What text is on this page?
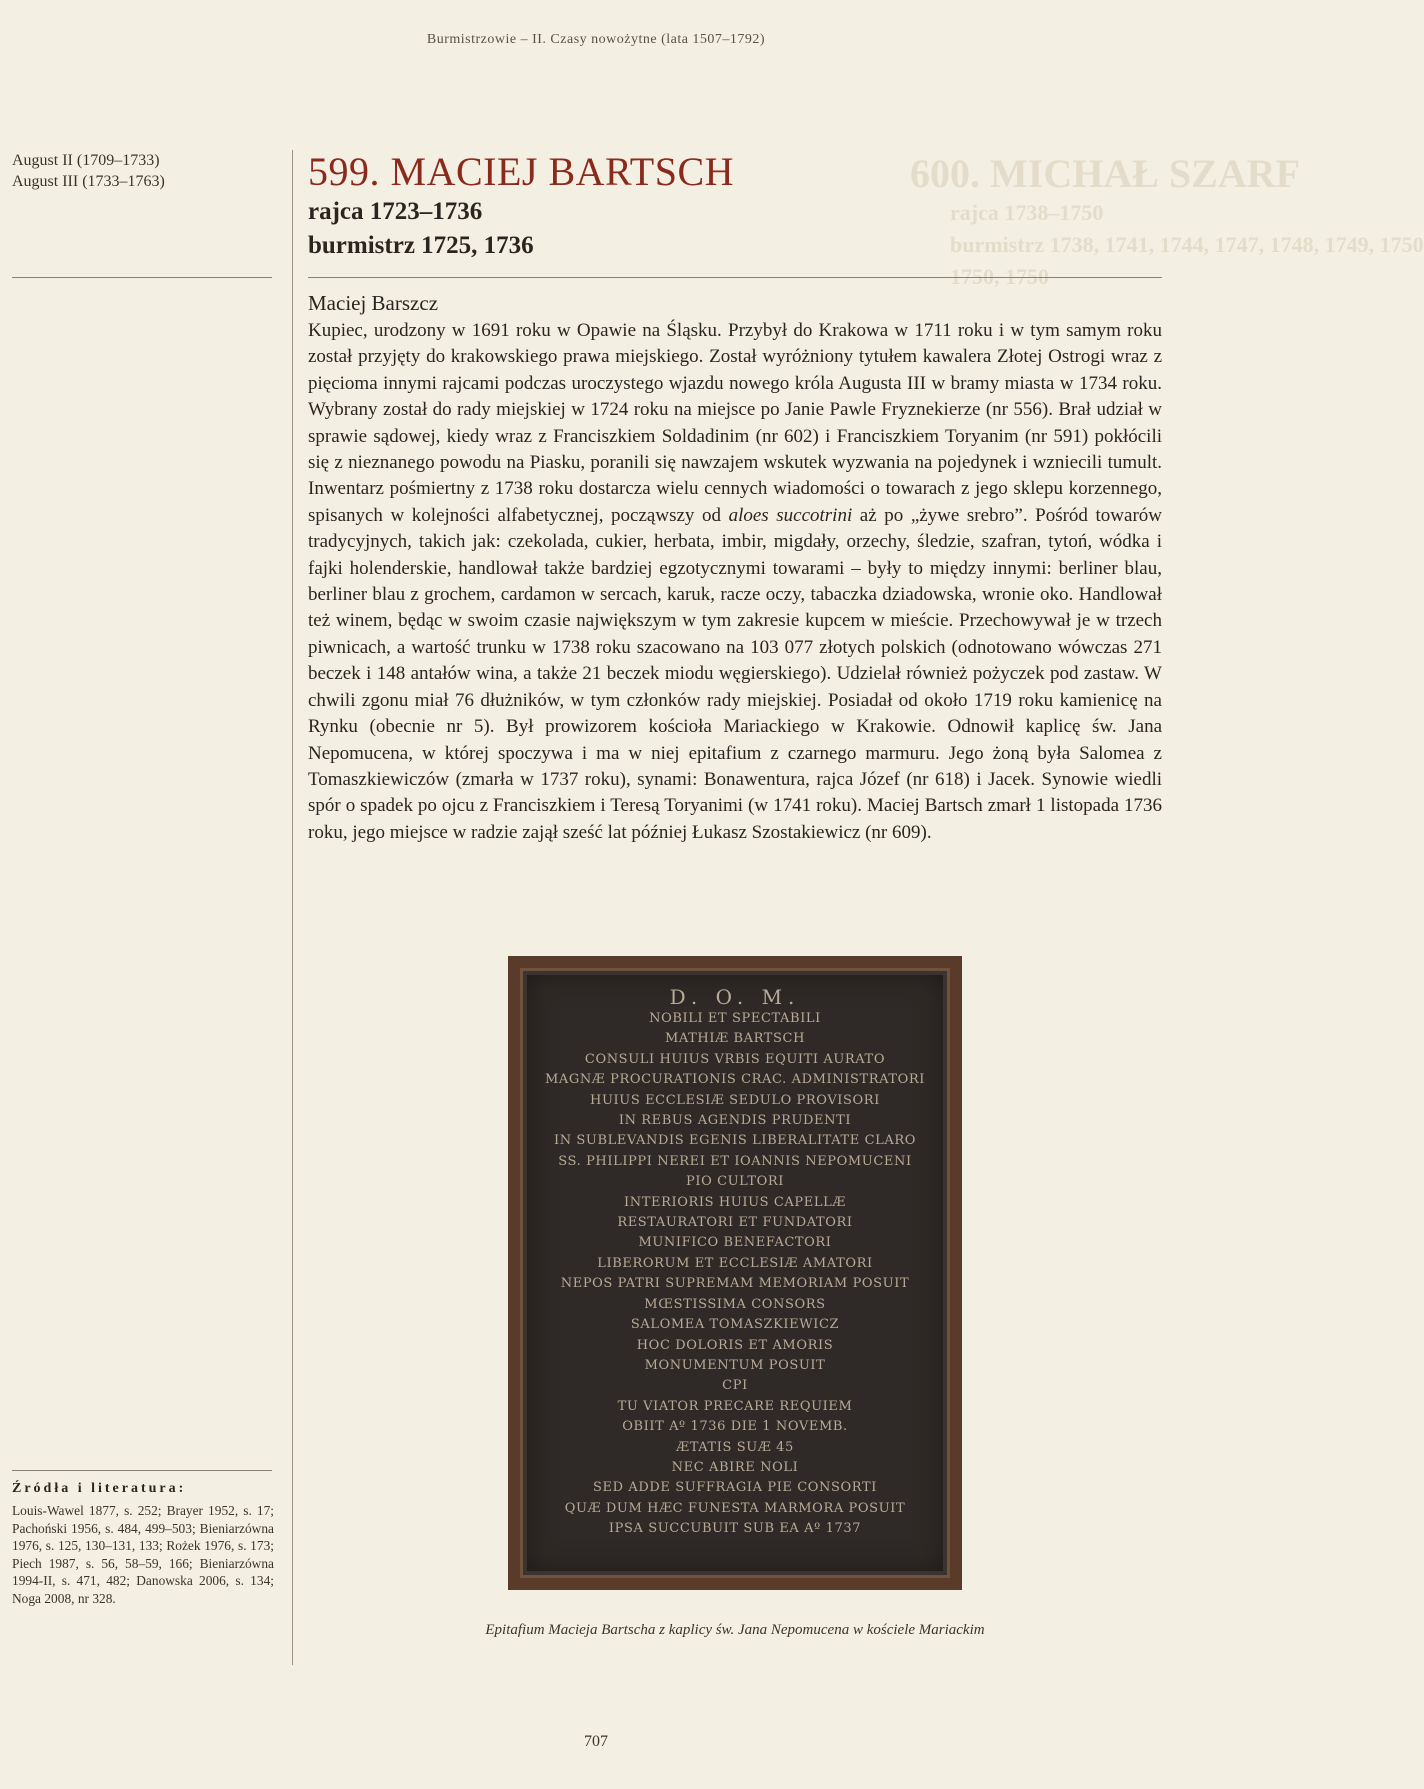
Burmistrzowie – II. Czasy nowożytne (lata 1507–1792)
600. MICHAŁ SZARF
rajca 1738–1750
burmistrz 1738, 1741, 1744, 1747, 1748, 1749, 1750
1750, 1750
August II (1709–1733)
August III (1733–1763)	599. MACIEJ BARTSCH
rajca 1723–1736
burmistrz 1725, 1736
Maciej Barszcz

Kupiec, urodzony w 1691 roku w Opawie na Śląsku. Przybył do Krakowa w 1711 roku i w tym samym roku został przyjęty do krakowskiego prawa miejskiego. Został wyróżniony tytułem kawalera Złotej Ostrogi wraz z pięcioma innymi rajcami podczas uroczystego wjazdu nowego króla Augusta III w bramy miasta w 1734 roku. Wybrany został do rady miejskiej w 1724 roku na miejsce po Janie Pawle Fryznekierze (nr 556). Brał udział w sprawie sądowej, kiedy wraz z Franciszkiem Soldadinim (nr 602) i Franciszkiem Toryanim (nr 591) pokłócili się z nieznanego powodu na Piasku, poranili się nawzajem wskutek wyzwania na pojedynek i wzniecili tumult. Inwentarz pośmiertny z 1738 roku dostarcza wielu cennych wiadomości o towarach z jego sklepu korzennego, spisanych w kolejności alfabetycznej, począwszy od aloes succotrini aż po „żywe srebro”. Pośród towarów tradycyjnych, takich jak: czekolada, cukier, herbata, imbir, migdały, orzechy, śledzie, szafran, tytoń, wódka i fajki holenderskie, handlował także bardziej egzotycznymi towarami – były to między innymi: berliner blau, berliner blau z grochem, cardamon w sercach, karuk, racze oczy, tabaczka dziadowska, wronie oko. Handlował też winem, będąc w swoim czasie największym w tym zakresie kupcem w mieście. Przechowywał je w trzech piwnicach, a wartość trunku w 1738 roku szacowano na 103 077 złotych polskich (odnotowano wówczas 271 beczek i 148 antałów wina, a także 21 beczek miodu węgierskiego). Udzielał również pożyczek pod zastaw. W chwili zgonu miał 76 dłużników, w tym członków rady miejskiej. Posiadał od około 1719 roku kamienicę na Rynku (obecnie nr 5). Był prowizorem kościoła Mariackiego w Krakowie. Odnowił kaplicę św. Jana Nepomucena, w której spoczywa i ma w niej epitafium z czarnego marmuru. Jego żoną była Salomea z Tomaszkiewiczów (zmarła w 1737 roku), synami: Bonawentura, rajca Józef (nr 618) i Jacek. Synowie wiedli spór o spadek po ojcu z Franciszkiem i Teresą Toryanimi (w 1741 roku). Maciej Bartsch zmarł 1 listopada 1736 roku, jego miejsce w radzie zajął sześć lat później Łukasz Szostakiewicz (nr 609).

D. O. M.
NOBILI ET SPECTABILI
MATHIÆ BARTSCH
CONSULI HUIUS VRBIS EQUITI AURATO
MAGNÆ PROCURATIONIS CRAC. ADMINISTRATORI
HUIUS ECCLESIÆ SEDULO PROVISORI
IN REBUS AGENDIS PRUDENTI
IN SUBLEVANDIS EGENIS LIBERALITATE CLARO
SS. PHILIPPI NEREI ET IOANNIS NEPOMUCENI
PIO CULTORI
INTERIORIS HUIUS CAPELLÆ
RESTAURATORI ET FUNDATORI
MUNIFICO BENEFACTORI
LIBERORUM ET ECCLESIÆ AMATORI
NEPOS PATRI SUPREMAM MEMORIAM POSUIT
MŒSTISSIMA CONSORS
SALOMEA TOMASZKIEWICZ
HOC DOLORIS ET AMORIS
MONUMENTUM POSUIT
CPI
TU VIATOR PRECARE REQUIEM
OBIIT Aº 1736 DIE 1 NOVEMB.
ÆTATIS SUÆ 45
NEC ABIRE NOLI
SED ADDE SUFFRAGIA PIE CONSORTI
QUÆ DUM HÆC FUNESTA MARMORA POSUIT
IPSA SUCCUBUIT SUB EA Aº 1737
Epitafium Macieja Bartscha z kaplicy św. Jana Nepomucena w kościele Mariackim
Źródła i literatura:

Louis-Wawel 1877, s. 252; Brayer 1952, s. 17; Pachoński 1956, s. 484, 499–503; Bieniarzówna 1976, s. 125, 130–131, 133; Rożek 1976, s. 173; Piech 1987, s. 56, 58–59, 166; Bieniarzówna 1994-II, s. 471, 482; Danowska 2006, s. 134; Noga 2008, nr 328.

707
